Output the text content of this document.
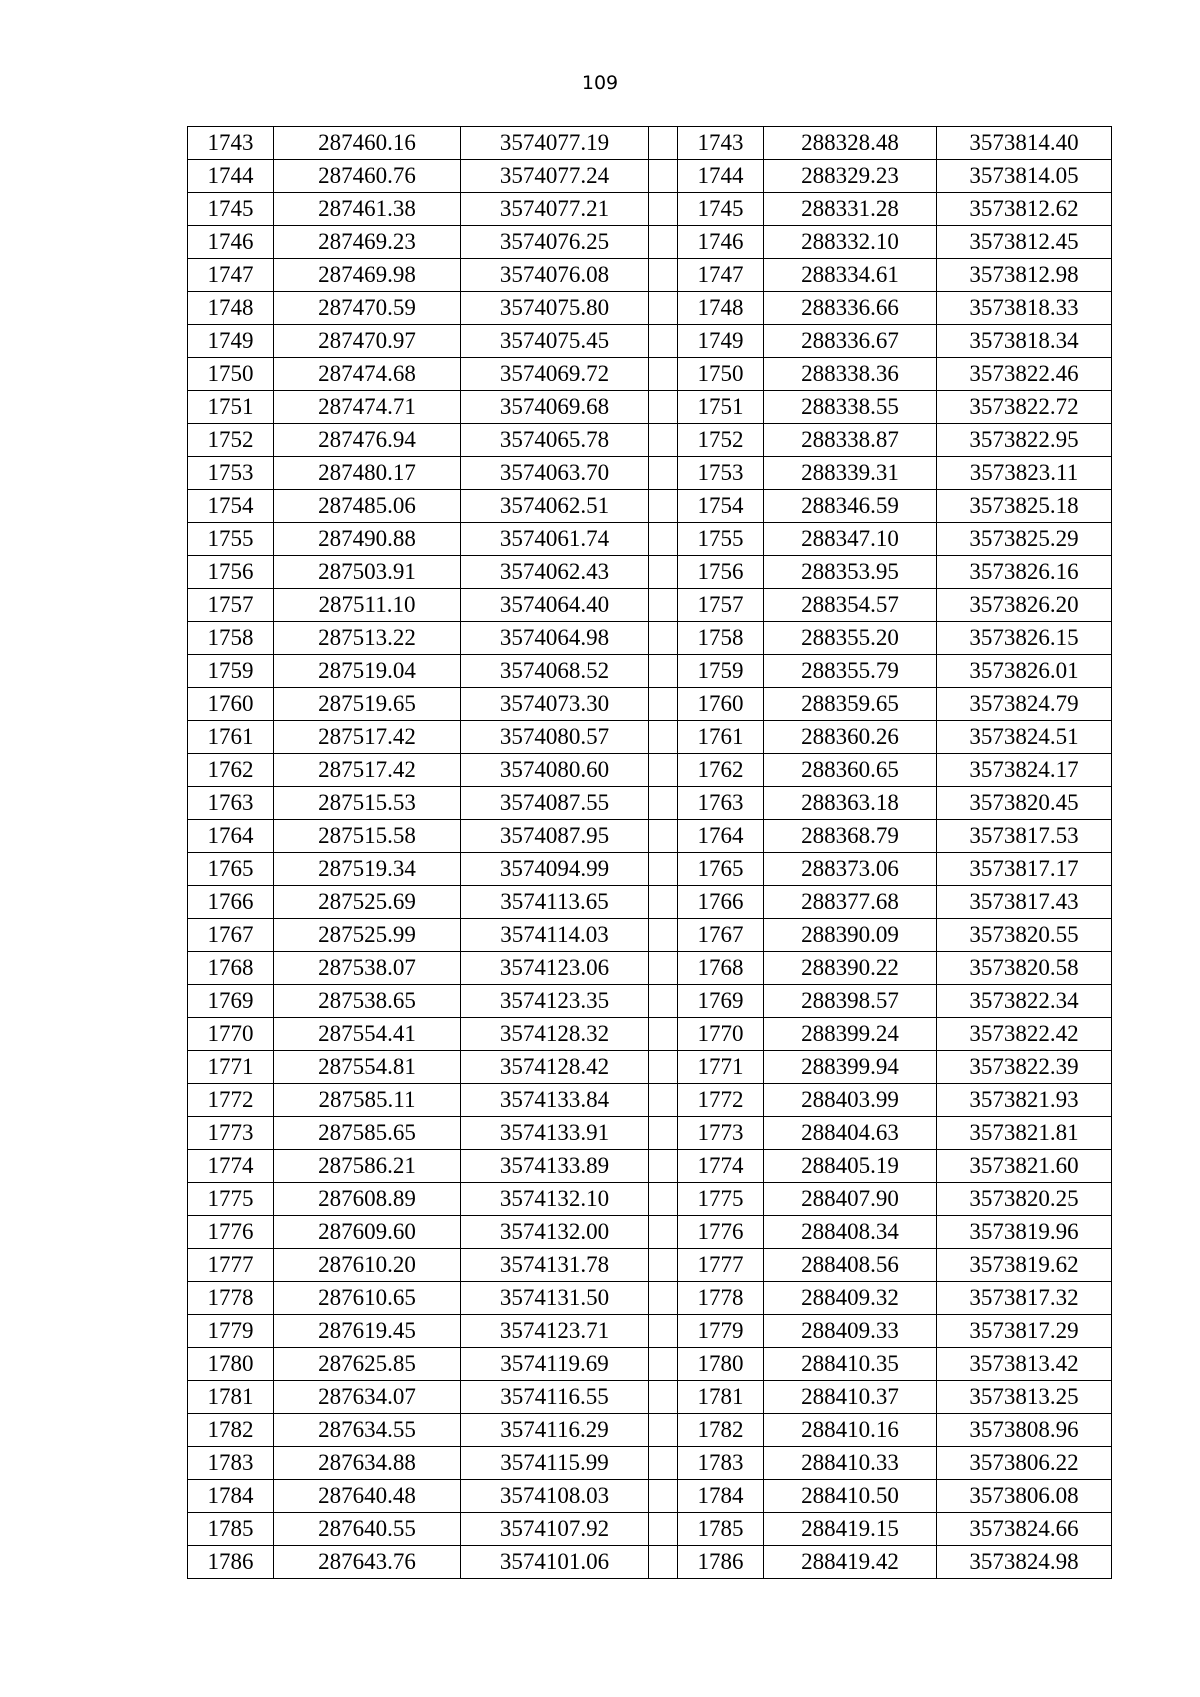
109
1743	287460.16	3574077.19		1743	288328.48	3573814.40
1744	287460.76	3574077.24		1744	288329.23	3573814.05
1745	287461.38	3574077.21		1745	288331.28	3573812.62
1746	287469.23	3574076.25		1746	288332.10	3573812.45
1747	287469.98	3574076.08		1747	288334.61	3573812.98
1748	287470.59	3574075.80		1748	288336.66	3573818.33
1749	287470.97	3574075.45		1749	288336.67	3573818.34
1750	287474.68	3574069.72		1750	288338.36	3573822.46
1751	287474.71	3574069.68		1751	288338.55	3573822.72
1752	287476.94	3574065.78		1752	288338.87	3573822.95
1753	287480.17	3574063.70		1753	288339.31	3573823.11
1754	287485.06	3574062.51		1754	288346.59	3573825.18
1755	287490.88	3574061.74		1755	288347.10	3573825.29
1756	287503.91	3574062.43		1756	288353.95	3573826.16
1757	287511.10	3574064.40		1757	288354.57	3573826.20
1758	287513.22	3574064.98		1758	288355.20	3573826.15
1759	287519.04	3574068.52		1759	288355.79	3573826.01
1760	287519.65	3574073.30		1760	288359.65	3573824.79
1761	287517.42	3574080.57		1761	288360.26	3573824.51
1762	287517.42	3574080.60		1762	288360.65	3573824.17
1763	287515.53	3574087.55		1763	288363.18	3573820.45
1764	287515.58	3574087.95		1764	288368.79	3573817.53
1765	287519.34	3574094.99		1765	288373.06	3573817.17
1766	287525.69	3574113.65		1766	288377.68	3573817.43
1767	287525.99	3574114.03		1767	288390.09	3573820.55
1768	287538.07	3574123.06		1768	288390.22	3573820.58
1769	287538.65	3574123.35		1769	288398.57	3573822.34
1770	287554.41	3574128.32		1770	288399.24	3573822.42
1771	287554.81	3574128.42		1771	288399.94	3573822.39
1772	287585.11	3574133.84		1772	288403.99	3573821.93
1773	287585.65	3574133.91		1773	288404.63	3573821.81
1774	287586.21	3574133.89		1774	288405.19	3573821.60
1775	287608.89	3574132.10		1775	288407.90	3573820.25
1776	287609.60	3574132.00		1776	288408.34	3573819.96
1777	287610.20	3574131.78		1777	288408.56	3573819.62
1778	287610.65	3574131.50		1778	288409.32	3573817.32
1779	287619.45	3574123.71		1779	288409.33	3573817.29
1780	287625.85	3574119.69		1780	288410.35	3573813.42
1781	287634.07	3574116.55		1781	288410.37	3573813.25
1782	287634.55	3574116.29		1782	288410.16	3573808.96
1783	287634.88	3574115.99		1783	288410.33	3573806.22
1784	287640.48	3574108.03		1784	288410.50	3573806.08
1785	287640.55	3574107.92		1785	288419.15	3573824.66
1786	287643.76	3574101.06		1786	288419.42	3573824.98
